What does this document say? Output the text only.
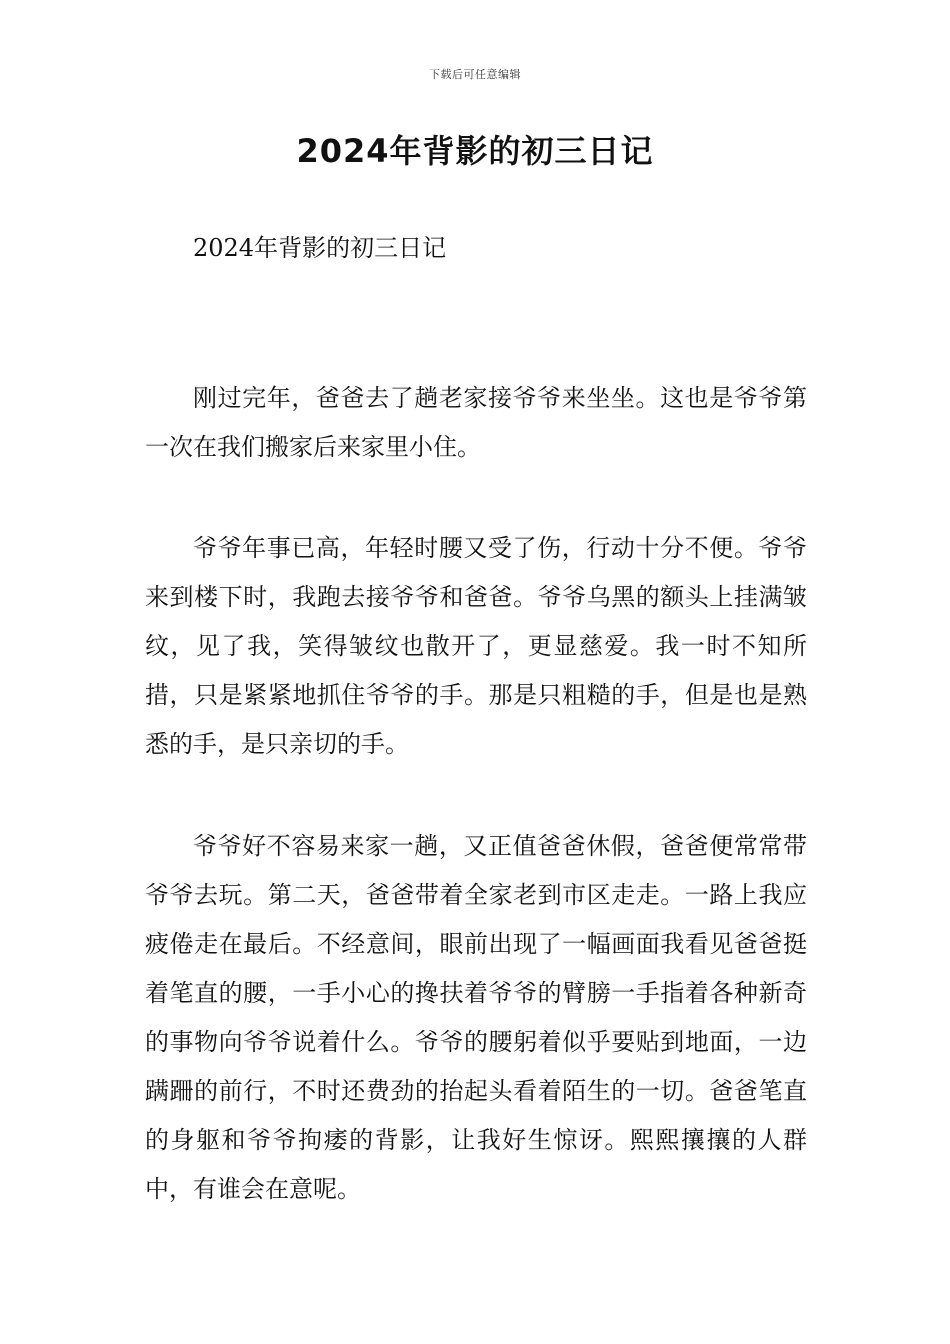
下载后可任意编辑
2024年背影的初三日记

2024年背影的初三日记

刚过完年，爸爸去了趟老家接爷爷来坐坐。这也是爷爷第一次在我们搬家后来家里小住。

爷爷年事已高，年轻时腰又受了伤，行动十分不便。爷爷来到楼下时，我跑去接爷爷和爸爸。爷爷乌黑的额头上挂满皱纹，见了我，笑得皱纹也散开了，更显慈爱。我一时不知所措，只是紧紧地抓住爷爷的手。那是只粗糙的手，但是也是熟悉的手，是只亲切的手。

爷爷好不容易来家一趟，又正值爸爸休假，爸爸便常常带爷爷去玩。第二天，爸爸带着全家老到市区走走。一路上我应疲倦走在最后。不经意间，眼前出现了一幅画面我看见爸爸挺着笔直的腰，一手小心的搀扶着爷爷的臂膀一手指着各种新奇的事物向爷爷说着什么。爷爷的腰躬着似乎要贴到地面，一边蹒跚的前行，不时还费劲的抬起头看着陌生的一切。爸爸笔直的身躯和爷爷拘痿的背影，让我好生惊讶。熙熙攘攘的人群中，有谁会在意呢。
